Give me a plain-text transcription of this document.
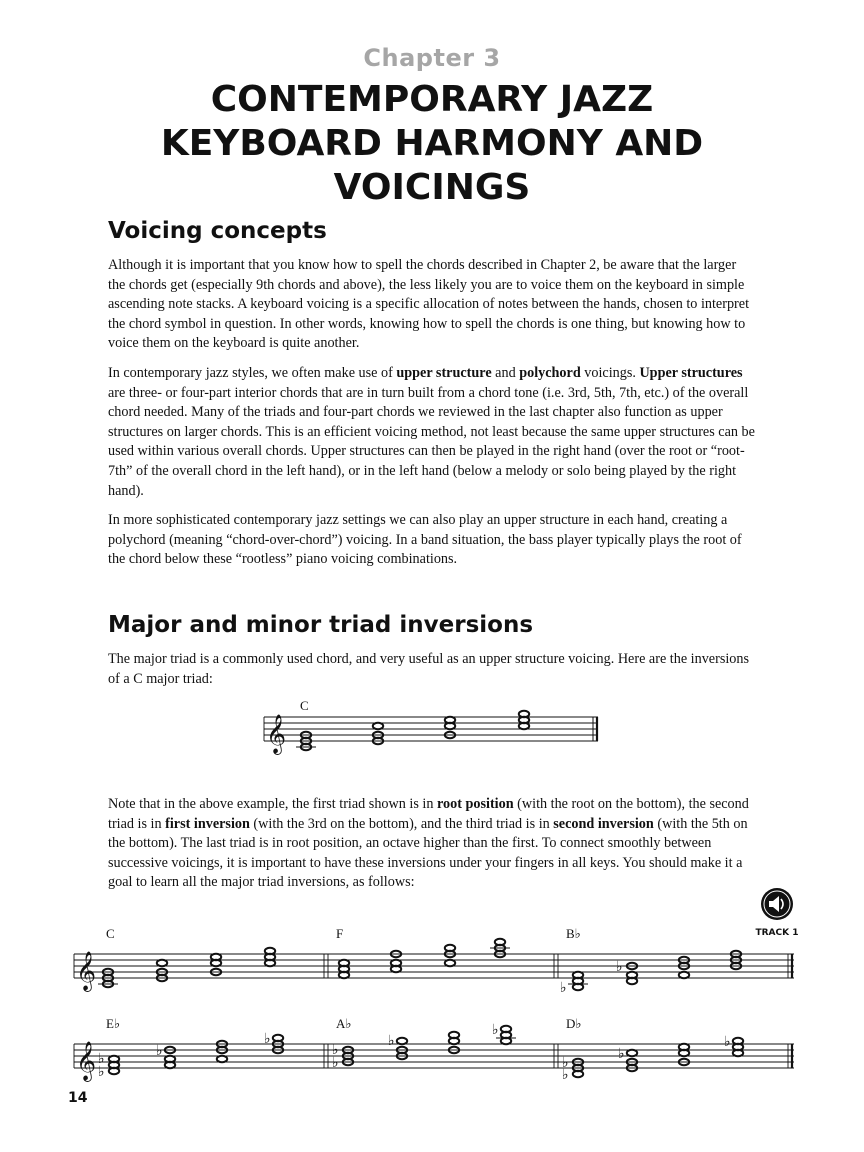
Chapter 3
CONTEMPORARY JAZZ
KEYBOARD HARMONY AND
VOICINGS
Voicing concepts
Although it is important that you know how to spell the chords described in Chapter 2, be aware that the larger the chords get (especially 9th chords and above), the less likely you are to voice them on the keyboard in simple ascending note stacks. A keyboard voicing is a specific allocation of notes between the hands, chosen to interpret the chord symbol in question. In other words, knowing how to spell the chords is one thing, but knowing how to voice them on the keyboard is quite another.
In contemporary jazz styles, we often make use of upper structure and polychord voicings. Upper structures are three- or four-part interior chords that are in turn built from a chord tone (i.e. 3rd, 5th, 7th, etc.) of the overall chord needed. Many of the triads and four-part chords we reviewed in the last chapter also function as upper structures on larger chords. This is an efficient voicing method, not least because the same upper structures can be used within various overall chords. Upper structures can then be played in the right hand (over the root or “root-7th” of the overall chord in the left hand), or in the left hand (below a melody or solo being played by the right hand).
In more sophisticated contemporary jazz settings we can also play an upper structure in each hand, creating a polychord (meaning “chord-over-chord”) voicing. In a band situation, the bass player typically plays the root of the chord below these “rootless” piano voicing combinations.
Major and minor triad inversions
The major triad is a commonly used chord, and very useful as an upper structure voicing. Here are the inversions of a C major triad:
C
𝄞
Note that in the above example, the first triad shown is in root position (with the root on the bottom), the second triad is in first inversion (with the 3rd on the bottom), and the third triad is in second inversion (with the 5th on the bottom). The last triad is in root position, an octave higher than the first. To connect smoothly between successive voicings, it is important to have these inversions under your fingers in all keys. You should make it a goal to learn all the major triad inversions, as follows:
TRACK 1
C	F	B♭
𝄞	♭
♭
E♭	A♭	D♭
𝄞 ♭
♭	♭
♭
♭
♭
♭
♭
♭
♭
♭
♭
14
